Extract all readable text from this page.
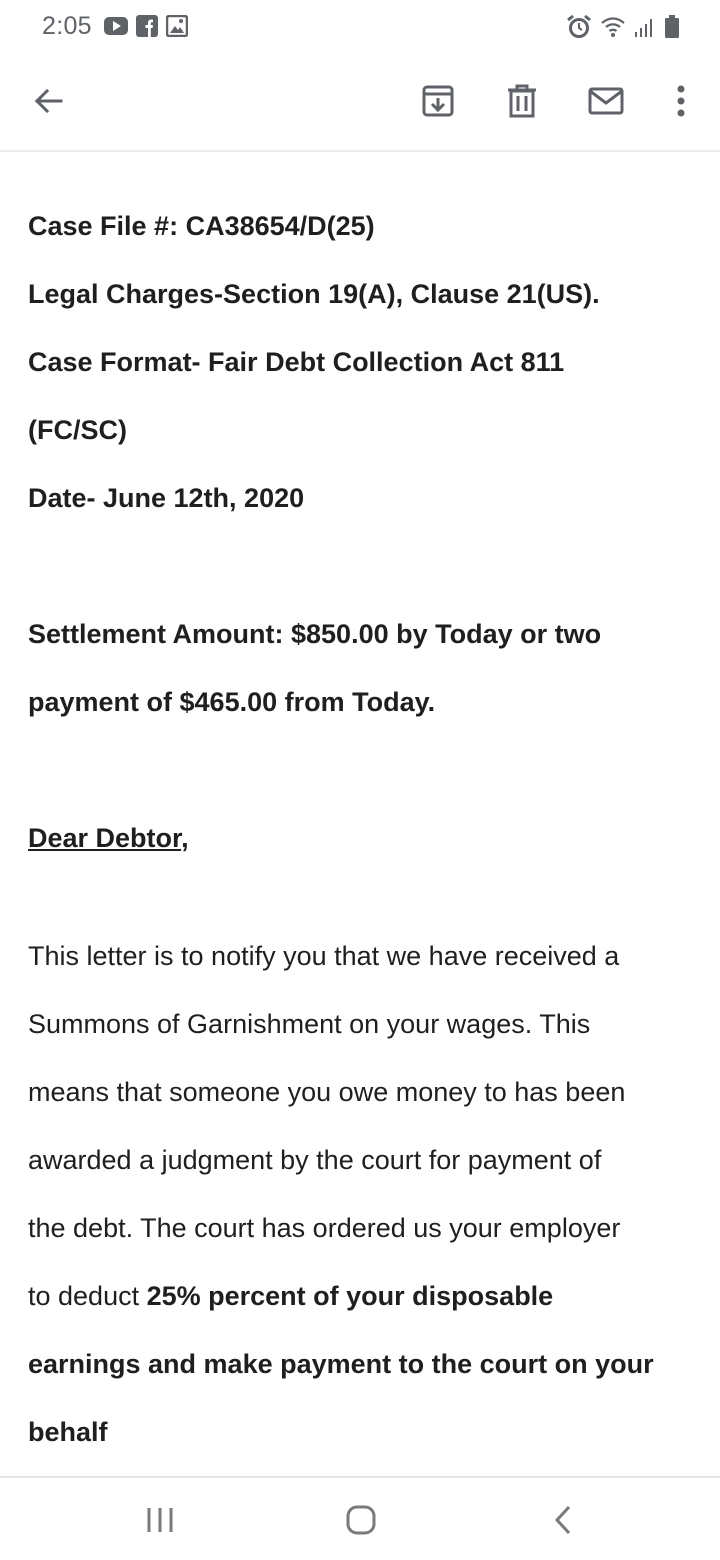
2:05

Case File #: CA38654/D(25)

Legal Charges-Section 19(A), Clause 21(US).

Case Format- Fair Debt Collection Act 811

(FC/SC)

Date- June 12th, 2020

Settlement Amount: $850.00 by Today or two

payment of $465.00 from Today.

Dear Debtor,

This letter is to notify you that we have received a

Summons of Garnishment on your wages. This

means that someone you owe money to has been

awarded a judgment by the court for payment of

the debt. The court has ordered us your employer

to deduct 25% percent of your disposable

earnings and make payment to the court on your

behalf
